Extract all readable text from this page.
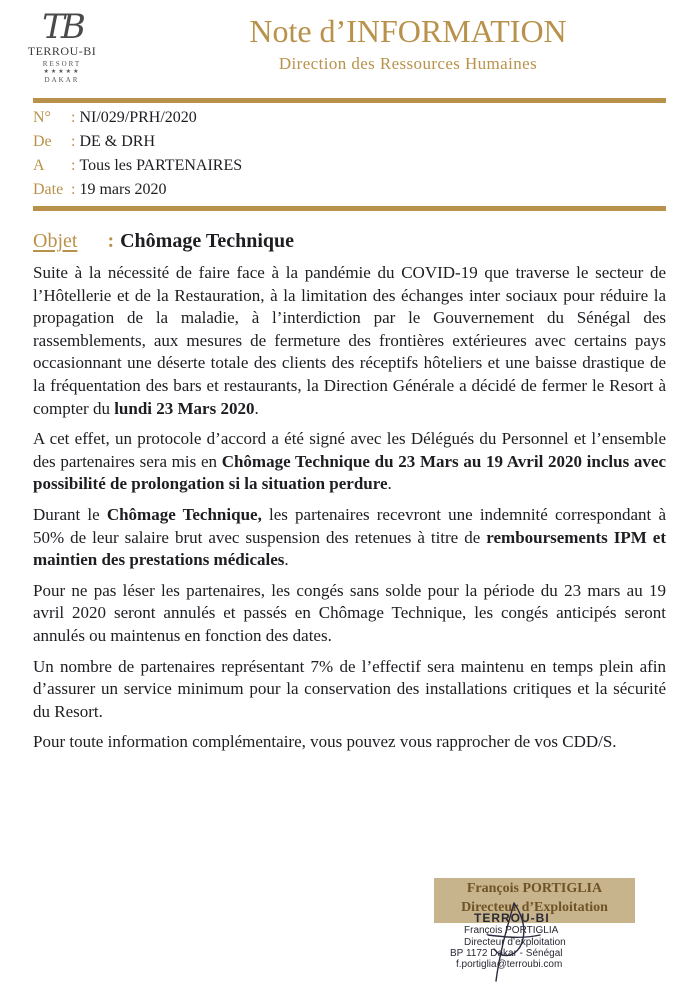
TB
TERROU-BI
RESORT
★★★★★
DAKAR
Note d’INFORMATION
Direction des Ressources Humaines
N° : NI/029/PRH/2020
De : DE & DRH
A : Tous les PARTENAIRES
Date : 19 mars 2020
Objet : Chômage Technique

Suite à la nécessité de faire face à la pandémie du COVID-19 que traverse le secteur de l’Hôtellerie et de la Restauration, à la limitation des échanges inter sociaux pour réduire la propagation de la maladie, à l’interdiction par le Gouvernement du Sénégal des rassemblements, aux mesures de fermeture des frontières extérieures avec certains pays occasionnant une déserte totale des clients des réceptifs hôteliers et une baisse drastique de la fréquentation des bars et restaurants, la Direction Générale a décidé de fermer le Resort à compter du lundi 23 Mars 2020.

A cet effet, un protocole d’accord a été signé avec les Délégués du Personnel et l’ensemble des partenaires sera mis en Chômage Technique du 23 Mars au 19 Avril 2020 inclus avec possibilité de prolongation si la situation perdure.

Durant le Chômage Technique, les partenaires recevront une indemnité correspondant à 50% de leur salaire brut avec suspension des retenues à titre de remboursements IPM et maintien des prestations médicales.

Pour ne pas léser les partenaires, les congés sans solde pour la période du 23 mars au 19 avril 2020 seront annulés et passés en Chômage Technique, les congés anticipés seront annulés ou maintenus en fonction des dates.

Un nombre de partenaires représentant 7% de l’effectif sera maintenu en temps plein afin d’assurer un service minimum pour la conservation des installations critiques et la sécurité du Resort.

Pour toute information complémentaire, vous pouvez vous rapprocher de vos CDD/S.

François PORTIGLIA
Directeur d’Exploitation
TERROU-BI
François PORTIGLIA
Directeur d’exploitation
BP 1172 Dakar - Sénégal
f.portiglia@terroubi.com
